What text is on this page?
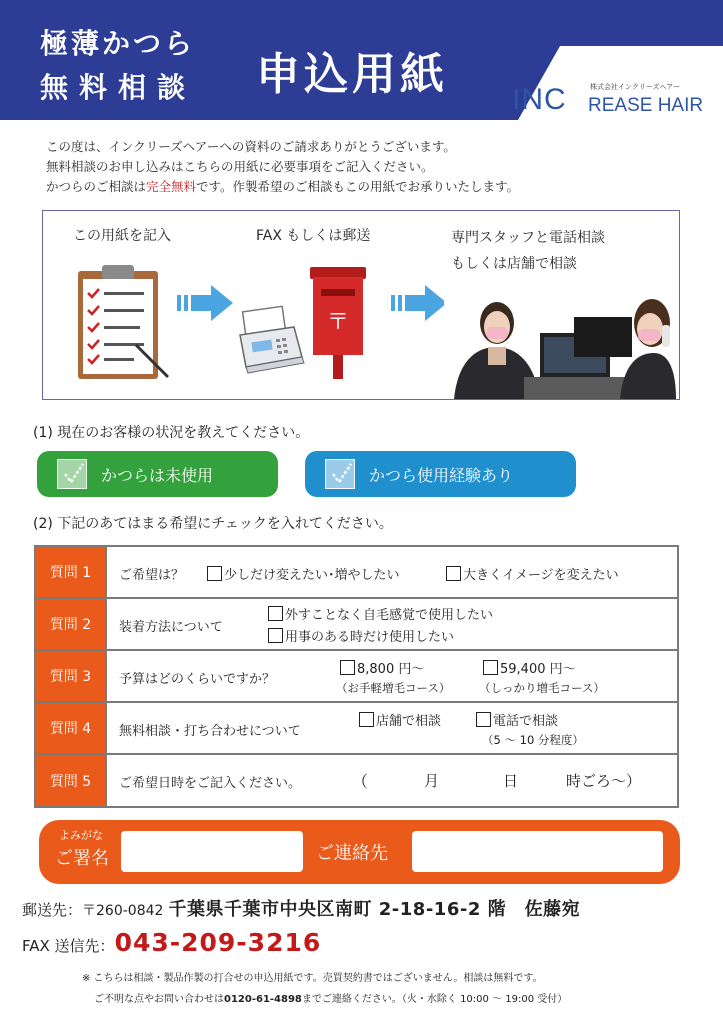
極薄かつら
無料相談 申込用紙 INC	株式会社インクリーズヘアー
REASE HAIR

この度は、インクリーズヘアーへの資料のご請求ありがとうございます。

無料相談のお申し込みはこちらの用紙に必要事項をご記入ください。

かつらのご相談は完全無料です。作製希望のご相談もこの用紙でお承りいたします。

この用紙を記入	FAX もしくは郵送	専門スタッフと電話相談
もしくは店舗で相談
〒
(1) 現在のお客様の状況を教えてください。
かつらは未使用	かつら使用経験あり
(2) 下記のあてはまる希望にチェックを入れてください。
質問 1	ご希望は？	少しだけ変えたい･増やしたい	大きくイメージを変えたい
質問 2	装着方法について
外すことなく自毛感覚で使用したい
用事のある時だけ使用したい
質問 3	予算はどのくらいですか？
8,800 円～
（お手軽増毛コース）
59,400 円～
（しっかり増毛コース）
質問 4	無料相談・打ち合わせについて
店舗で相談	電話で相談
（5 ～ 10 分程度）
質問 5	ご希望日時をご記入ください。	（	月	日	時ごろ～）
よみがな
ご署名	ご連絡先
郵送先：〒260-0842 千葉県千葉市中央区南町 2-18-16-2 階　佐藤宛
FAX 送信先：043-209-3216
※ こちらは相談・製品作製の打合せの申込用紙です。売買契約書ではございません。相談は無料です。
ご不明な点やお問い合わせは0120-61-4898までご連絡ください。（火・水除く 10:00 ～ 19:00 受付）
